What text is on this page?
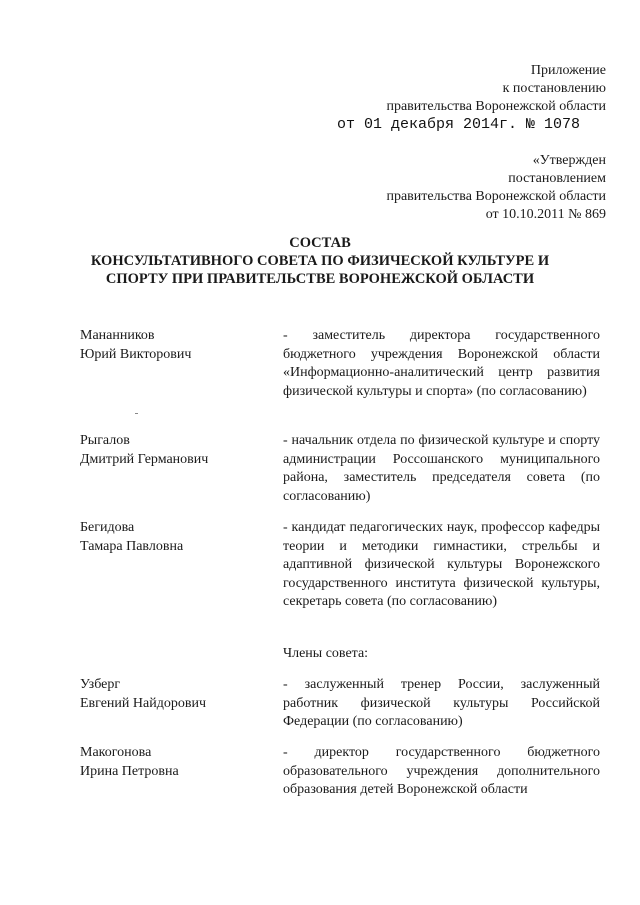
Приложение
к постановлению
правительства Воронежской области
от 01 декабря 2014г. № 1078
«Утвержден
постановлением
правительства Воронежской области
от 10.10.2011 № 869
СОСТАВ
КОНСУЛЬТАТИВНОГО СОВЕТА ПО ФИЗИЧЕСКОЙ КУЛЬТУРЕ И
СПОРТУ ПРИ ПРАВИТЕЛЬСТВЕ ВОРОНЕЖСКОЙ ОБЛАСТИ
Мананников
Юрий Викторович
- заместитель директора государственного бюджетного учреждения Воронежской области «Информационно-аналитический центр развития физической культуры и спорта» (по согласованию)
Рыгалов
Дмитрий Германович
- начальник отдела по физической культуре и спорту администрации Россошанского муниципального района, заместитель председателя совета (по согласованию)
Бегидова
Тамара Павловна
- кандидат педагогических наук, профессор кафедры теории и методики гимнастики, стрельбы и адаптивной физической культуры Воронежского государственного института физической культуры, секретарь совета (по согласованию)
Члены совета:
Узберг
Евгений Найдорович
- заслуженный тренер России, заслуженный работник физической культуры Российской Федерации (по согласованию)
Макогонова
Ирина Петровна
- директор государственного бюджетного образовательного учреждения дополнительного образования детей Воронежской области
